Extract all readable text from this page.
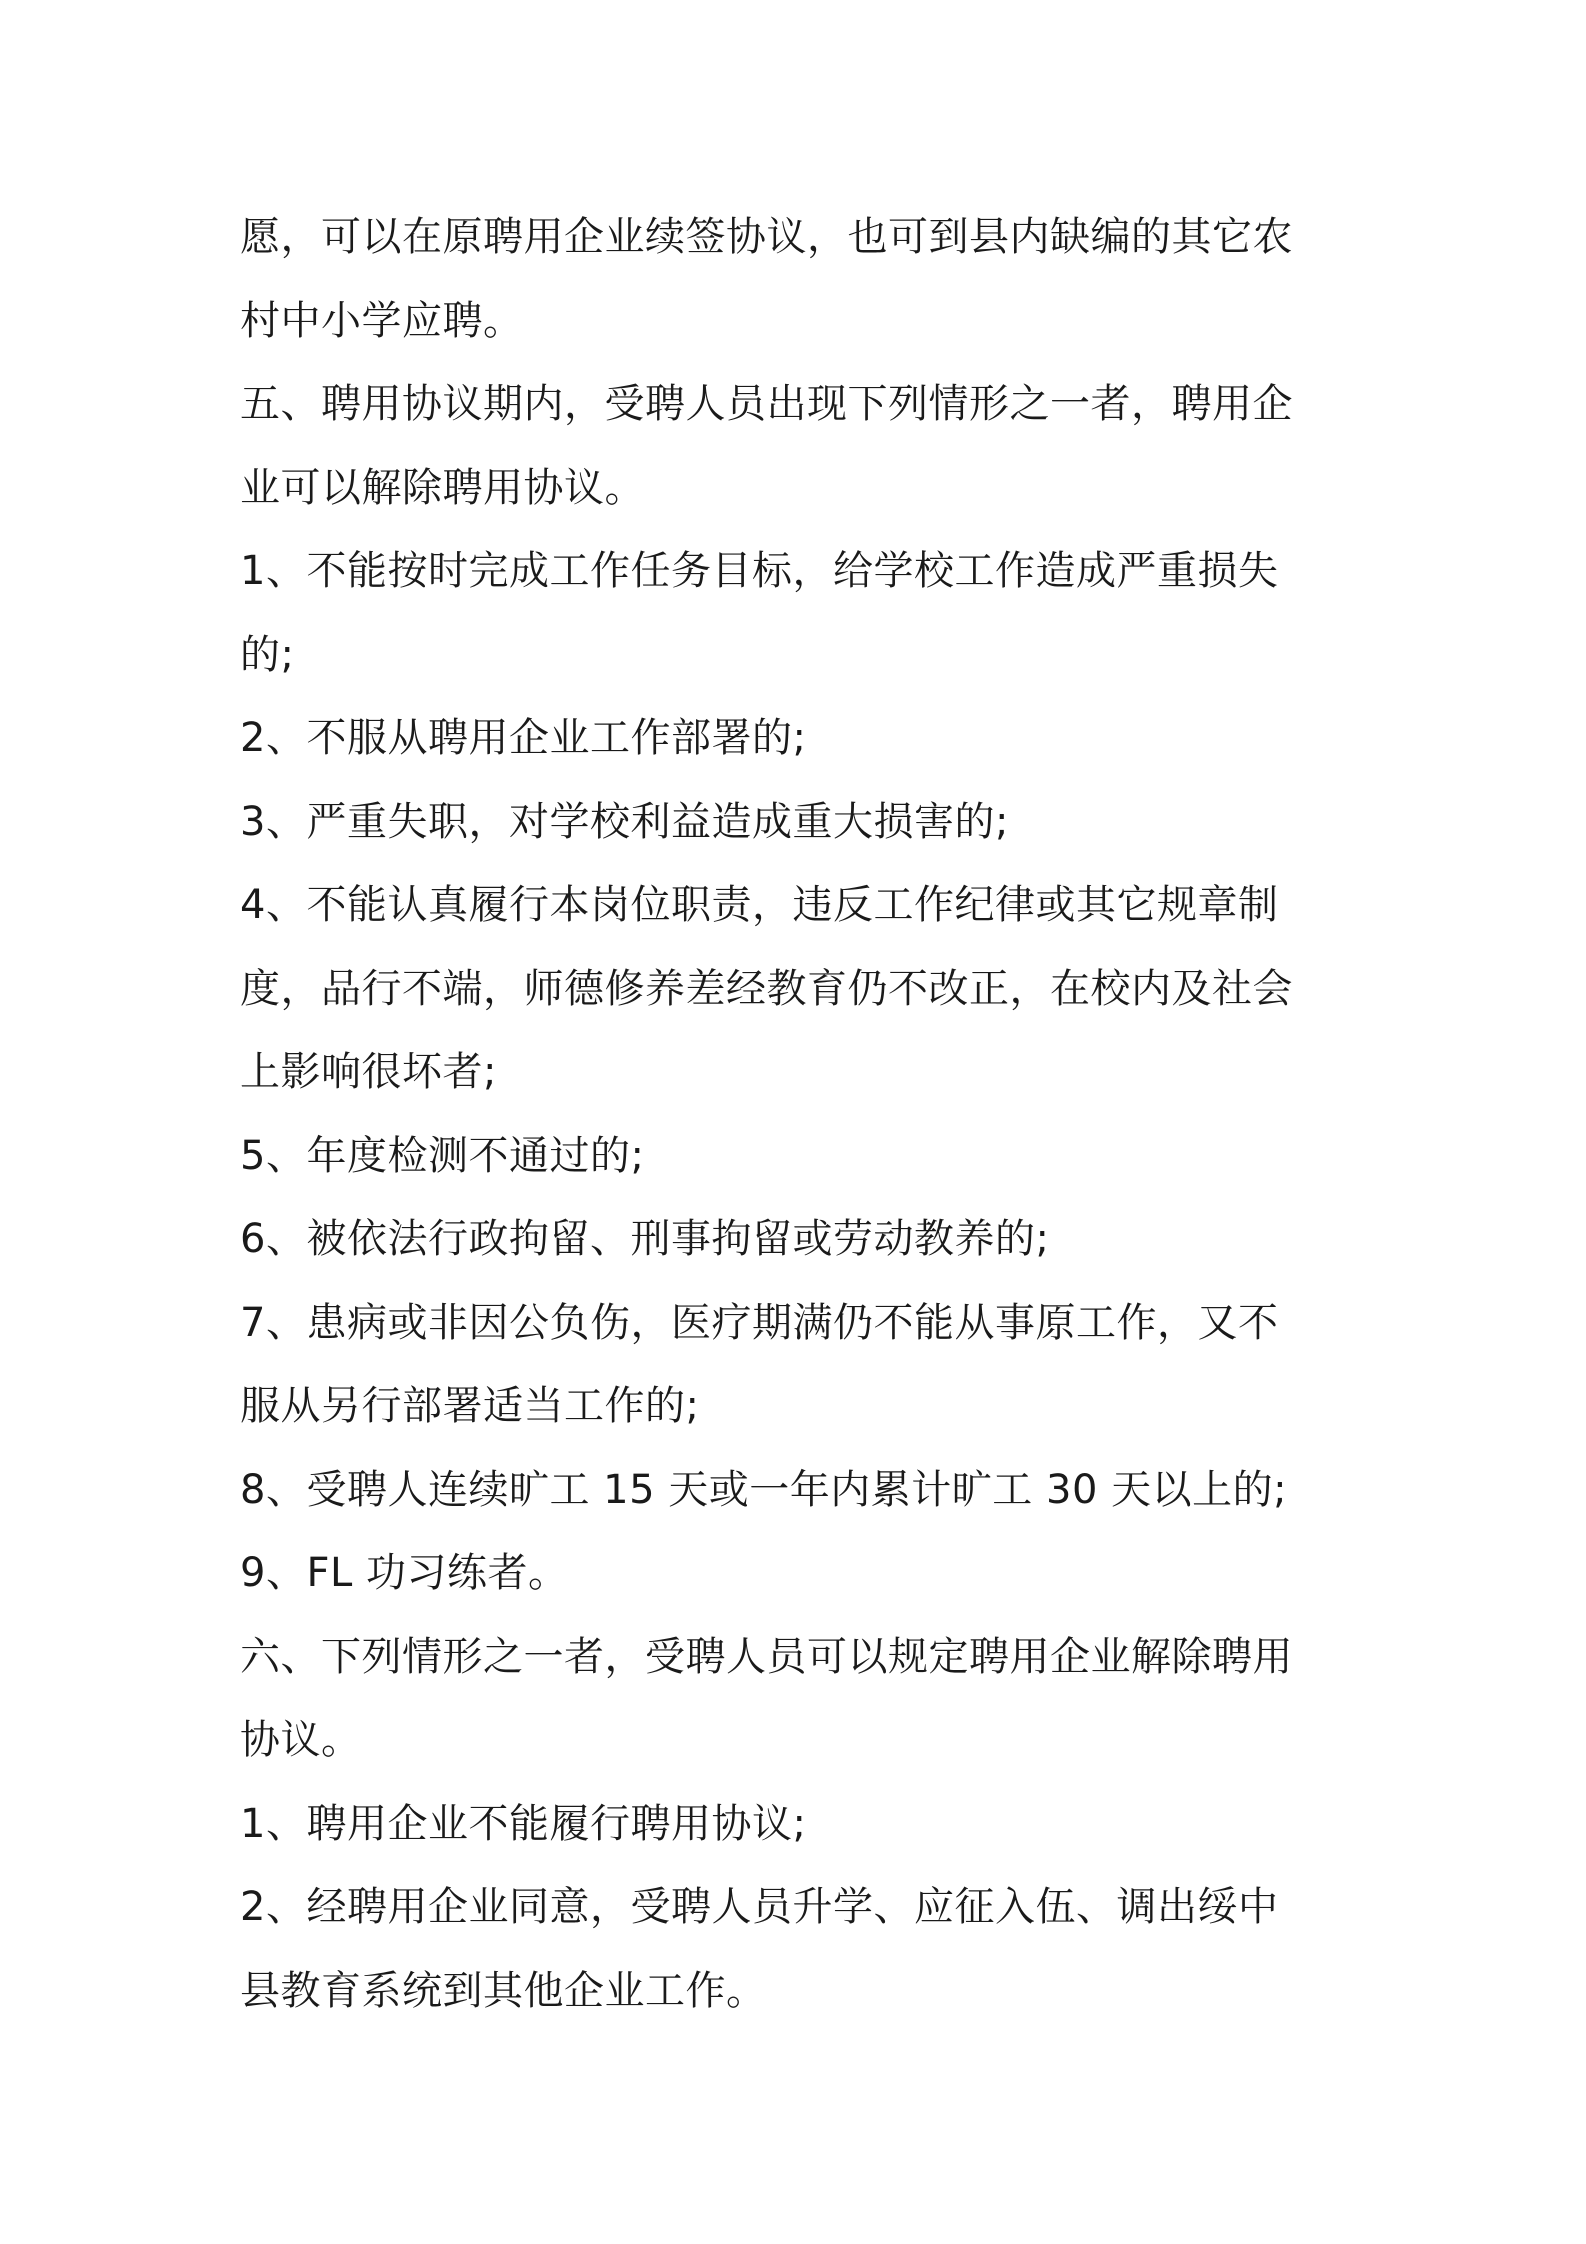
愿，可以在原聘用企业续签协议，也可到县内缺编的其它农

村中小学应聘。

五、聘用协议期内，受聘人员出现下列情形之一者，聘用企

业可以解除聘用协议。

1、不能按时完成工作任务目标，给学校工作造成严重损失

的;

2、不服从聘用企业工作部署的;

3、严重失职，对学校利益造成重大损害的;

4、不能认真履行本岗位职责，违反工作纪律或其它规章制

度，品行不端，师德修养差经教育仍不改正，在校内及社会

上影响很坏者;

5、年度检测不通过的;

6、被依法行政拘留、刑事拘留或劳动教养的;

7、患病或非因公负伤，医疗期满仍不能从事原工作，又不

服从另行部署适当工作的;

8、受聘人连续旷工 15 天或一年内累计旷工 30 天以上的;

9、FL 功习练者。

六、下列情形之一者，受聘人员可以规定聘用企业解除聘用

协议。

1、聘用企业不能履行聘用协议;

2、经聘用企业同意，受聘人员升学、应征入伍、调出绥中

县教育系统到其他企业工作。
